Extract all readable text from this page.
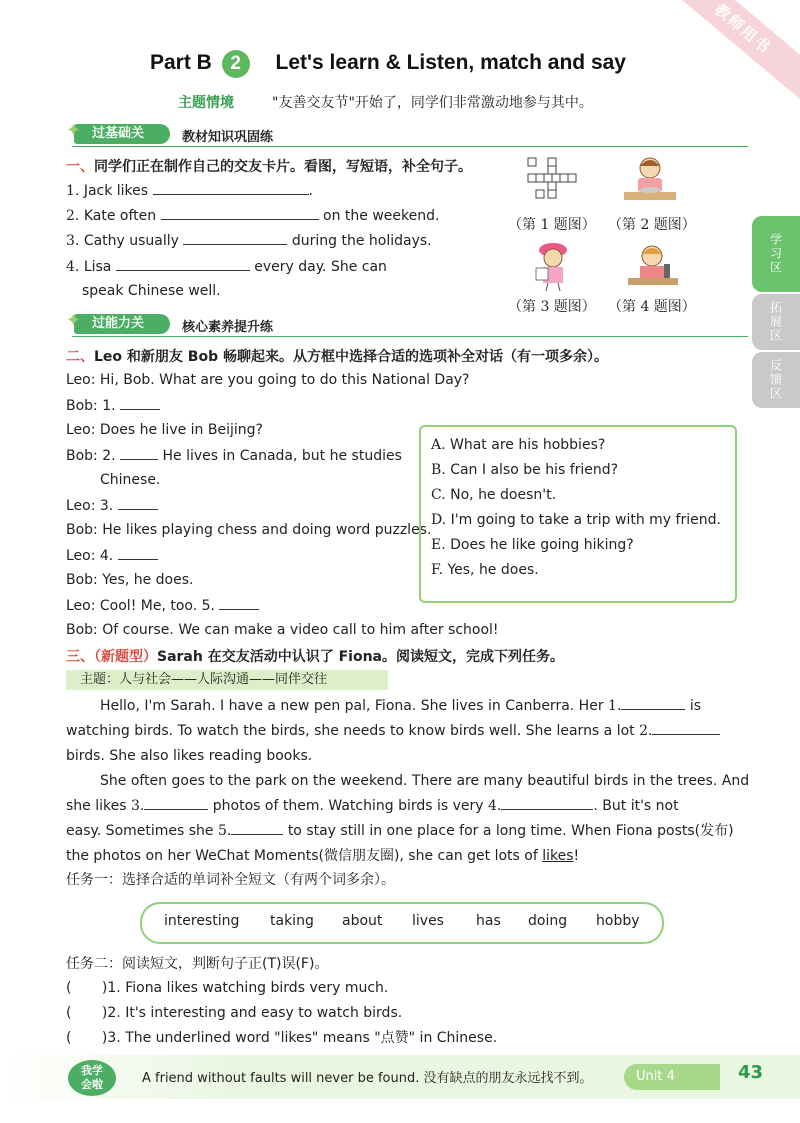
教师用书
Part B 2 Let's learn & Listen, match and say
主题情境	"友善交友节"开始了，同学们非常激动地参与其中。
✦ 过基础关	教材知识巩固练
一、同学们正在制作自己的交友卡片。看图，写短语，补全句子。
1. Jack likes	.
2. Kate often	on the weekend.
3. Cathy usually	during the holidays.
4. Lisa	every day. She can
speak Chinese well.
（第 1 题图） （第 2 题图）
（第 3 题图） （第 4 题图）
学习区
拓展区
反馈区
✦ 过能力关	核心素养提升练
二、Leo 和新朋友 Bob 畅聊起来。从方框中选择合适的选项补全对话（有一项多余）。
Leo: Hi, Bob. What are you going to do this National Day?
Bob: 1.
Leo: Does he live in Beijing?
Bob: 2.	He lives in Canada, but he studies
Chinese.
Leo: 3.
Bob: He likes playing chess and doing word puzzles.
Leo: 4.
Bob: Yes, he does.
Leo: Cool! Me, too. 5.
Bob: Of course. We can make a video call to him after school!
A. What are his hobbies?
B. Can I also be his friend?
C. No, he doesn't.
D. I'm going to take a trip with my friend.
E. Does he like going hiking?
F. Yes, he does.
三、（新题型）Sarah 在交友活动中认识了 Fiona。阅读短文，完成下列任务。
主题：人与社会——人际沟通——同伴交往
Hello, I'm Sarah. I have a new pen pal, Fiona. She lives in Canberra. Her 1.	is
watching birds. To watch the birds, she needs to know birds well. She learns a lot 2.
birds. She also likes reading books.
She often goes to the park on the weekend. There are many beautiful birds in the trees. And
she likes 3.	photos of them. Watching birds is very 4.	. But it's not
easy. Sometimes she 5.	to stay still in one place for a long time. When Fiona posts(发布)
the photos on her WeChat Moments(微信朋友圈), she can get lots of likes!
任务一：选择合适的单词补全短文（有两个词多余）。
interesting taking about lives has doing hobby
任务二：阅读短文，判断句子正(T)误(F)。
( )1. Fiona likes watching birds very much.
( )2. It's interesting and easy to watch birds.
( )3. The underlined word "likes" means "点赞" in Chinese.
我学
会啦	A friend without faults will never be found. 没有缺点的朋友永远找不到。	Unit 4	43
